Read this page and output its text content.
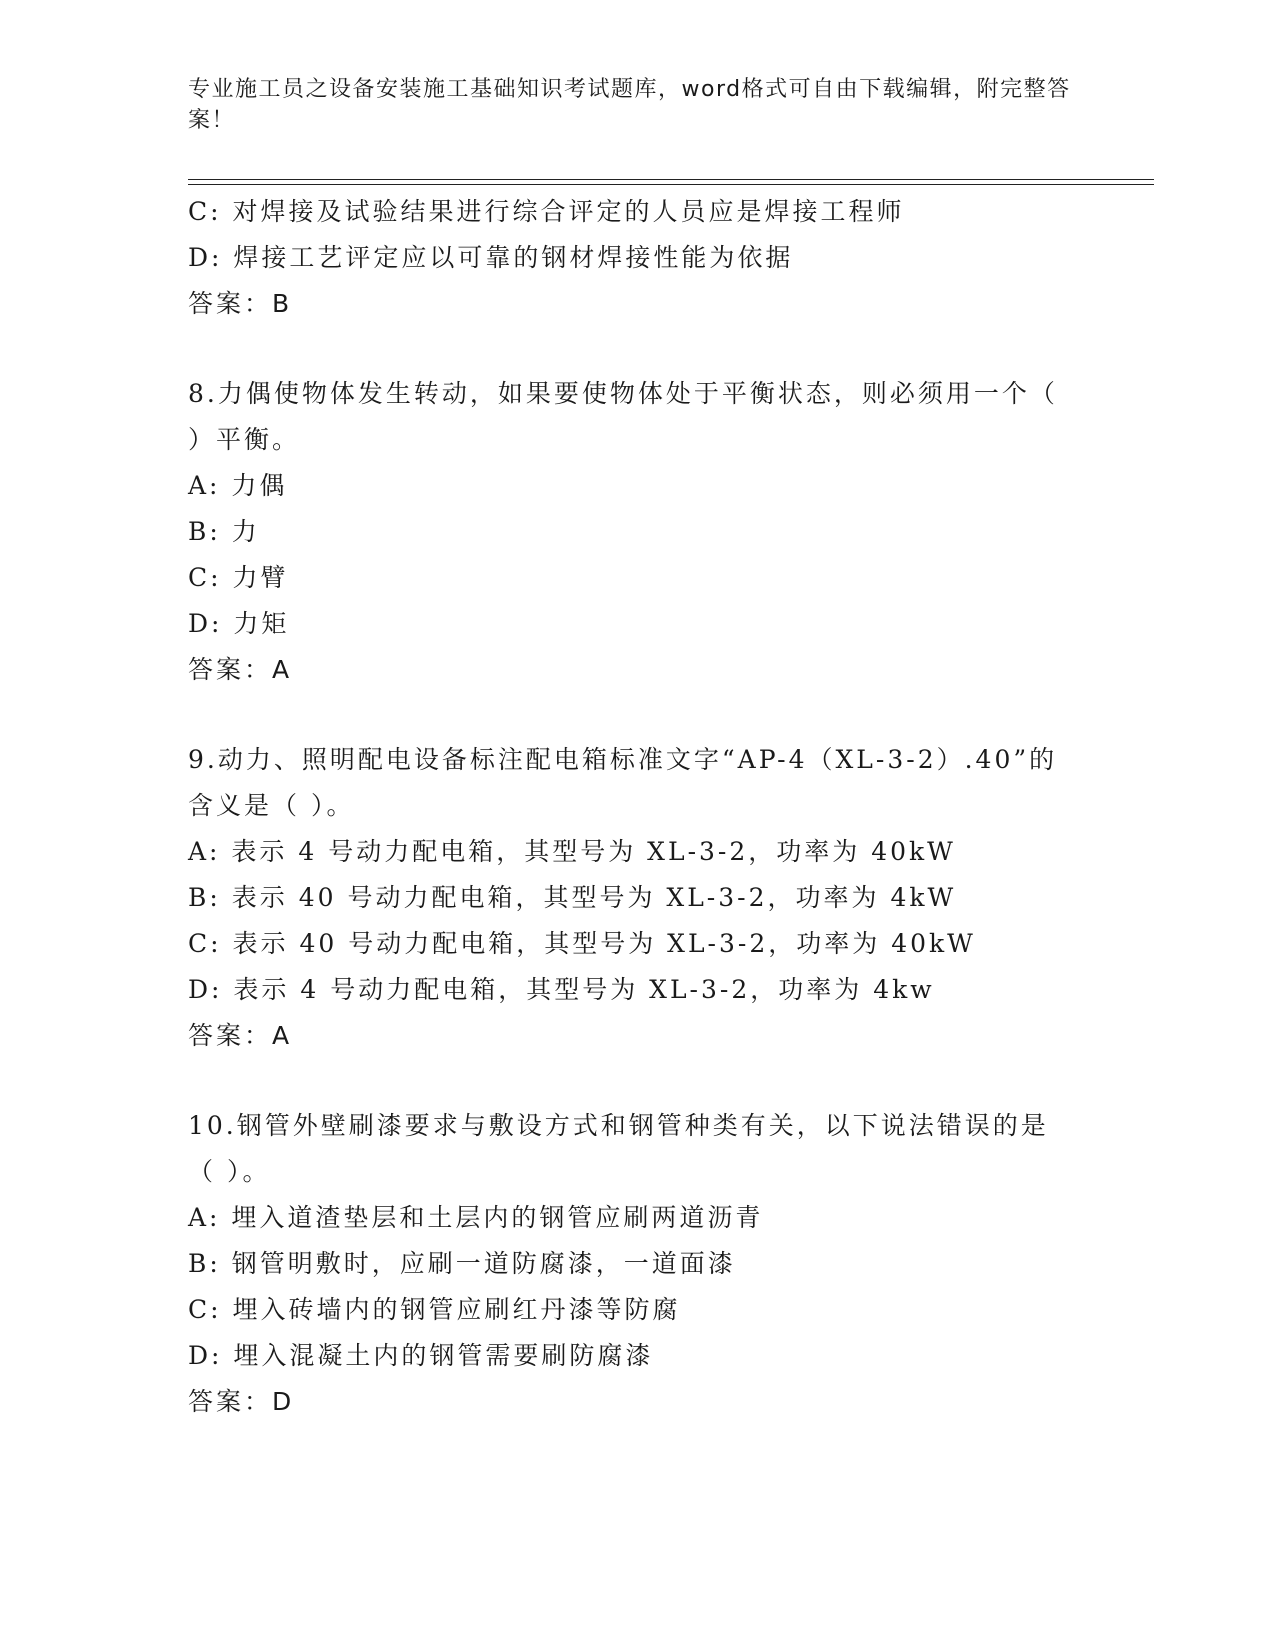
专业施工员之设备安装施工基础知识考试题库，word格式可自由下载编辑，附完整答案！
C: 对焊接及试验结果进行综合评定的人员应是焊接工程师
D: 焊接工艺评定应以可靠的钢材焊接性能为依据
答案：B
8.力偶使物体发生转动，如果要使物体处于平衡状态，则必须用一个（ ）平衡。
A: 力偶
B: 力
C: 力臂
D: 力矩
答案：A
9.动力、照明配电设备标注配电箱标准文字“AP-4（XL-3-2）.40”的含义是（ ）。
A: 表示 4 号动力配电箱，其型号为 XL-3-2，功率为 40kW
B: 表示 40 号动力配电箱，其型号为 XL-3-2，功率为 4kW
C: 表示 40 号动力配电箱，其型号为 XL-3-2，功率为 40kW
D: 表示 4 号动力配电箱，其型号为 XL-3-2，功率为 4kw
答案：A
10.钢管外壁刷漆要求与敷设方式和钢管种类有关，以下说法错误的是（ ）。
A: 埋入道渣垫层和土层内的钢管应刷两道沥青
B: 钢管明敷时，应刷一道防腐漆，一道面漆
C: 埋入砖墙内的钢管应刷红丹漆等防腐
D: 埋入混凝土内的钢管需要刷防腐漆
答案：D
